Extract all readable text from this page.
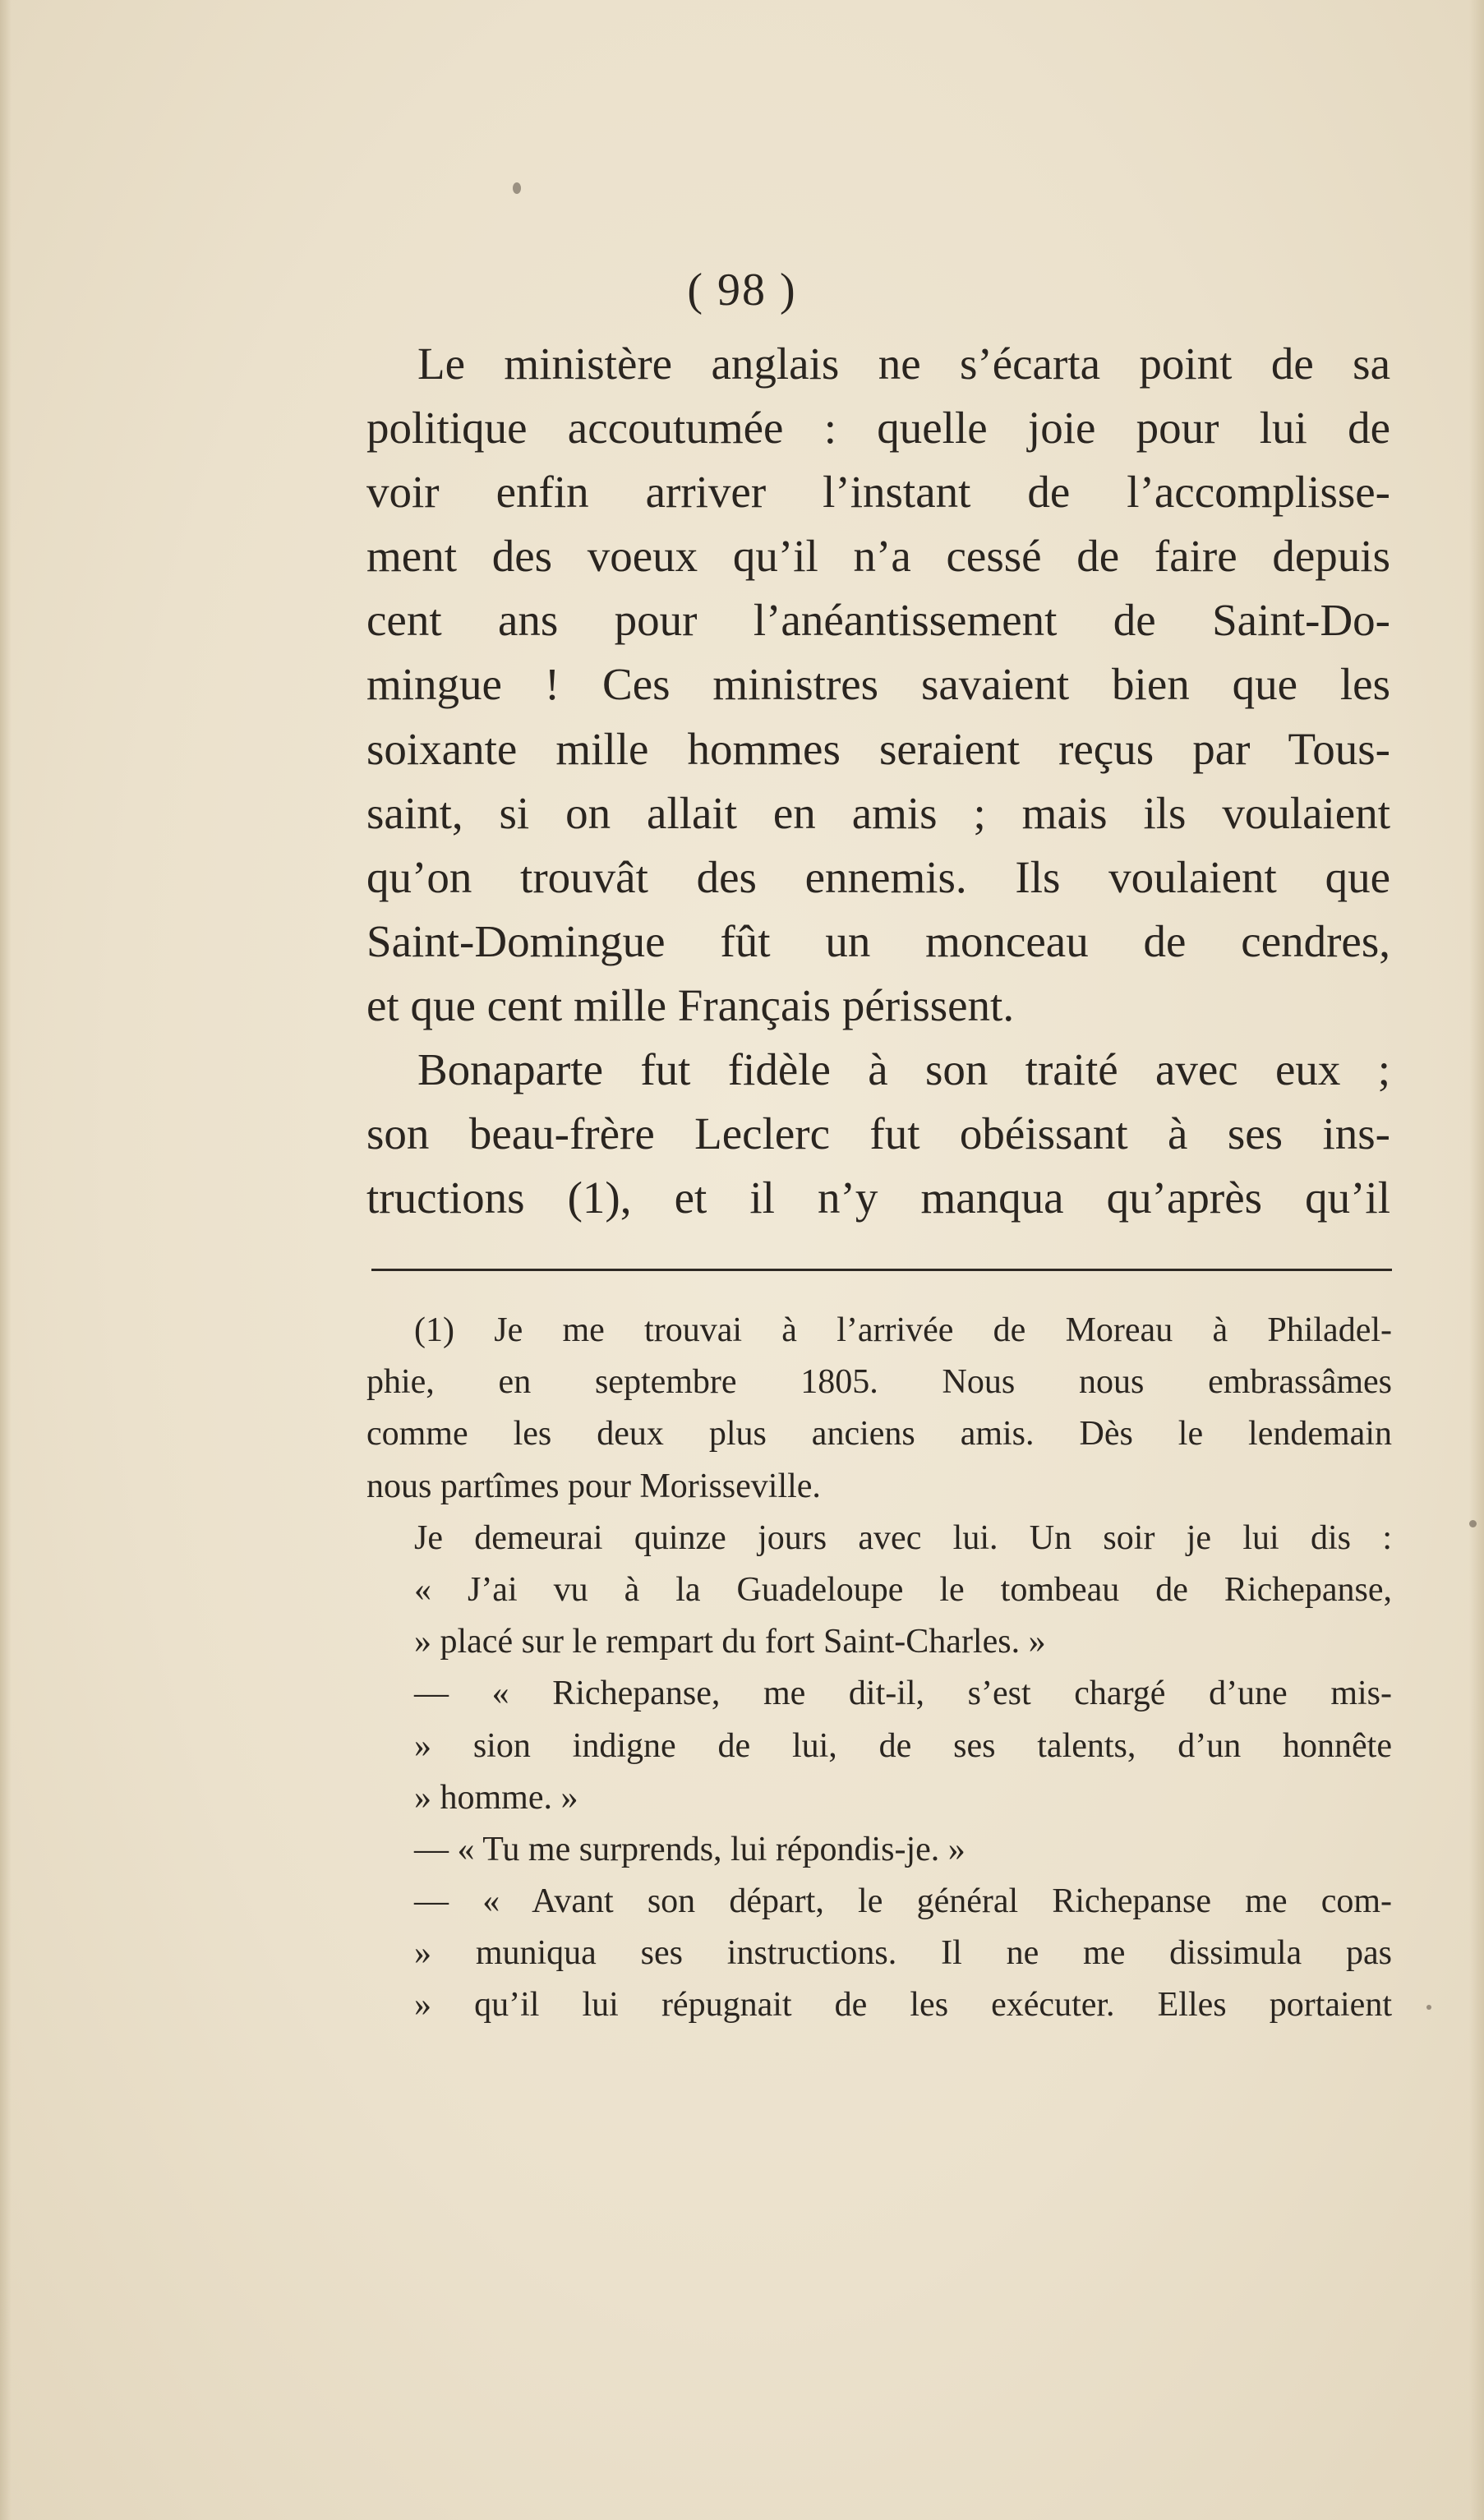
( 98 )
Le ministère anglais ne s’écarta point de sa
politique accoutumée : quelle joie pour lui de
voir enfin arriver l’instant de l’accomplisse-
ment des voeux qu’il n’a cessé de faire depuis
cent ans pour l’anéantissement de Saint-Do-
mingue ! Ces ministres savaient bien que les
soixante mille hommes seraient reçus par Tous-
saint, si on allait en amis ; mais ils voulaient
qu’on trouvât des ennemis. Ils voulaient que
Saint-Domingue fût un monceau de cendres,
et que cent mille Français périssent.
Bonaparte fut fidèle à son traité avec eux ;
son beau-frère Leclerc fut obéissant à ses ins-
tructions (1), et il n’y manqua qu’après qu’il
(1) Je me trouvai à l’arrivée de Moreau à Philadel-
phie, en septembre 1805. Nous nous embrassâmes
comme les deux plus anciens amis. Dès le lendemain
nous partîmes pour Morisseville.
Je demeurai quinze jours avec lui. Un soir je lui dis :
« J’ai vu à la Guadeloupe le tombeau de Richepanse,
» placé sur le rempart du fort Saint-Charles. »
— « Richepanse, me dit-il, s’est chargé d’une mis-
» sion indigne de lui, de ses talents, d’un honnête
» homme. »
— « Tu me surprends, lui répondis-je. »
— « Avant son départ, le général Richepanse me com-
» muniqua ses instructions. Il ne me dissimula pas
» qu’il lui répugnait de les exécuter. Elles portaient
